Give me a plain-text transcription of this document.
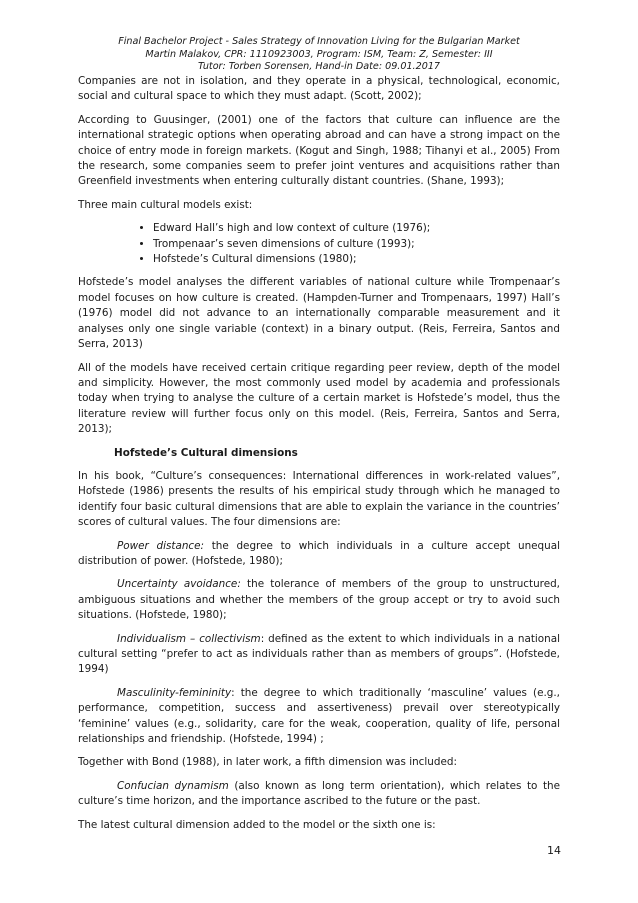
Final Bachelor Project - Sales Strategy of Innovation Living for the Bulgarian Market
Martin Malakov, CPR: 1110923003, Program: ISM, Team: Z, Semester: III
Tutor: Torben Sorensen, Hand-in Date: 09.01.2017

Companies are not in isolation, and they operate in a physical, technological, economic, social and cultural space to which they must adapt. (Scott, 2002);

According to Guusinger, (2001) one of the factors that culture can influence are the international strategic options when operating abroad and can have a strong impact on the choice of entry mode in foreign markets. (Kogut and Singh, 1988; Tihanyi et al., 2005) From the research, some companies seem to prefer joint ventures and acquisitions rather than Greenfield investments when entering culturally distant countries. (Shane, 1993);

Three main cultural models exist:

• Edward Hall’s high and low context of culture (1976);
• Trompenaar’s seven dimensions of culture (1993);
• Hofstede’s Cultural dimensions (1980);

Hofstede’s model analyses the different variables of national culture while Trompenaar’s model focuses on how culture is created. (Hampden-Turner and Trompenaars, 1997) Hall’s (1976) model did not advance to an internationally comparable measurement and it analyses only one single variable (context) in a binary output. (Reis, Ferreira, Santos and Serra, 2013)

All of the models have received certain critique regarding peer review, depth of the model and simplicity. However, the most commonly used model by academia and professionals today when trying to analyse the culture of a certain market is Hofstede’s model, thus the literature review will further focus only on this model. (Reis, Ferreira, Santos and Serra, 2013);

Hofstede’s Cultural dimensions

In his book, “Culture’s consequences: International differences in work-related values”, Hofstede (1986) presents the results of his empirical study through which he managed to identify four basic cultural dimensions that are able to explain the variance in the countries’ scores of cultural values. The four dimensions are:

Power distance: the degree to which individuals in a culture accept unequal distribution of power. (Hofstede, 1980);

Uncertainty avoidance: the tolerance of members of the group to unstructured, ambiguous situations and whether the members of the group accept or try to avoid such situations. (Hofstede, 1980);

Individualism – collectivism: defined as the extent to which individuals in a national cultural setting “prefer to act as individuals rather than as members of groups”. (Hofstede, 1994)

Masculinity-femininity: the degree to which traditionally ‘masculine’ values (e.g., performance, competition, success and assertiveness) prevail over stereotypically ‘feminine’ values (e.g., solidarity, care for the weak, cooperation, quality of life, personal relationships and friendship. (Hofstede, 1994) ;

Together with Bond (1988), in later work, a fifth dimension was included:

Confucian dynamism (also known as long term orientation), which relates to the culture’s time horizon, and the importance ascribed to the future or the past.

The latest cultural dimension added to the model or the sixth one is:

14
